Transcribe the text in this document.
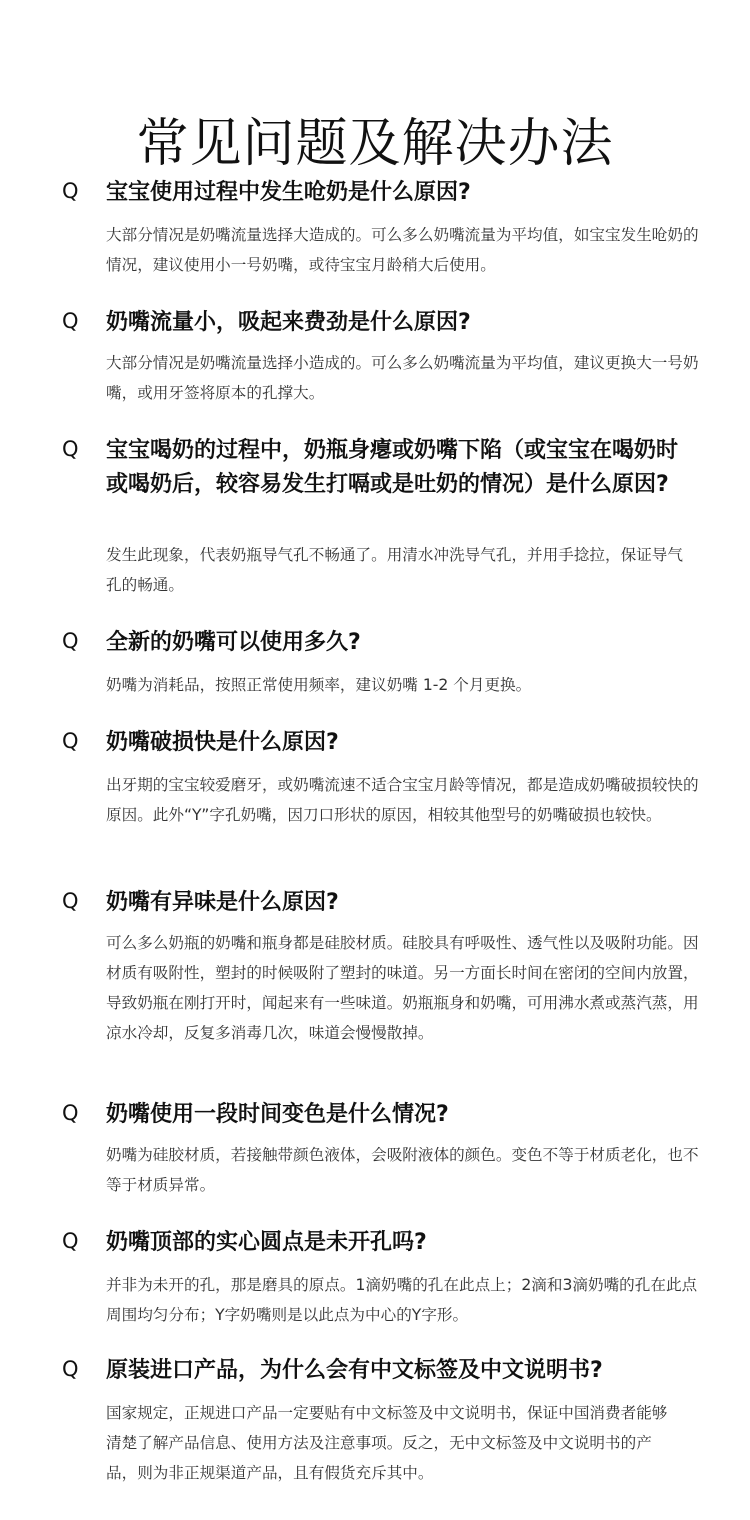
常见问题及解决办法
Q 宝宝使用过程中发生呛奶是什么原因?

大部分情况是奶嘴流量选择大造成的。可么多么奶嘴流量为平均值，如宝宝发生呛奶的情况，建议使用小一号奶嘴，或待宝宝月龄稍大后使用。

Q 奶嘴流量小，吸起来费劲是什么原因?

大部分情况是奶嘴流量选择小造成的。可么多么奶嘴流量为平均值，建议更换大一号奶嘴，或用牙签将原本的孔撑大。

Q 宝宝喝奶的过程中，奶瓶身瘪或奶嘴下陷（或宝宝在喝奶时或喝奶后，较容易发生打嗝或是吐奶的情况）是什么原因?

发生此现象，代表奶瓶导气孔不畅通了。用清水冲洗导气孔，并用手捻拉，保证导气孔的畅通。

Q 全新的奶嘴可以使用多久?

奶嘴为消耗品，按照正常使用频率，建议奶嘴 1-2 个月更换。

Q 奶嘴破损快是什么原因?

出牙期的宝宝较爱磨牙，或奶嘴流速不适合宝宝月龄等情况，都是造成奶嘴破损较快的原因。此外“Y”字孔奶嘴，因刀口形状的原因，相较其他型号的奶嘴破损也较快。

Q 奶嘴有异味是什么原因?

可么多么奶瓶的奶嘴和瓶身都是硅胶材质。硅胶具有呼吸性、透气性以及吸附功能。因材质有吸附性，塑封的时候吸附了塑封的味道。另一方面长时间在密闭的空间内放置，导致奶瓶在刚打开时，闻起来有一些味道。奶瓶瓶身和奶嘴，可用沸水煮或蒸汽蒸，用凉水冷却，反复多消毒几次，味道会慢慢散掉。

Q 奶嘴使用一段时间变色是什么情况?

奶嘴为硅胶材质，若接触带颜色液体，会吸附液体的颜色。变色不等于材质老化，也不等于材质异常。

Q 奶嘴顶部的实心圆点是未开孔吗?

并非为未开的孔，那是磨具的原点。1滴奶嘴的孔在此点上；2滴和3滴奶嘴的孔在此点周围均匀分布；Y字奶嘴则是以此点为中心的Y字形。

Q 原装进口产品，为什么会有中文标签及中文说明书?

国家规定，正规进口产品一定要贴有中文标签及中文说明书，保证中国消费者能够清楚了解产品信息、使用方法及注意事项。反之，无中文标签及中文说明书的产品，则为非正规渠道产品，且有假货充斥其中。
